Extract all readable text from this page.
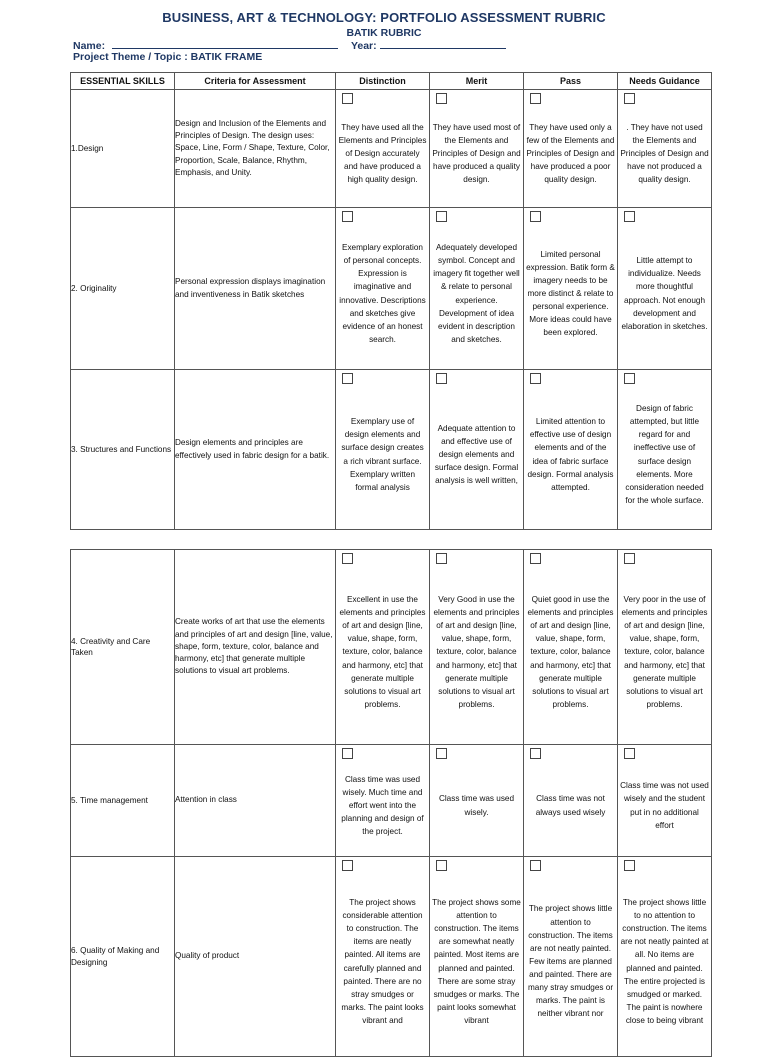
BUSINESS, ART & TECHNOLOGY: PORTFOLIO ASSESSMENT RUBRIC
BATIK RUBRIC
Name:	Year:
Project Theme / Topic : BATIK FRAME
ESSENTIAL SKILLS	Criteria for Assessment	Distinction	Merit	Pass	Needs Guidance
1.Design	Design and Inclusion of the Elements and Principles of Design. The design uses: Space, Line, Form / Shape, Texture, Color, Proportion, Scale, Balance, Rhythm, Emphasis, and Unity.	They have used all the Elements and Principles of Design accurately and have produced a high quality design.	They have used most of the Elements and Principles of Design and have produced a quality design.	They have used only a few of the Elements and Principles of Design and have produced a poor quality design.	. They have not used the Elements and Principles of Design and have not produced a quality design.

2. Originality	Personal expression displays imagination and inventiveness in Batik sketches	Exemplary exploration of personal concepts. Expression is imaginative and innovative. Descriptions and sketches give evidence of an honest search.	Adequately developed symbol. Concept and imagery fit together well & relate to personal experience. Development of idea evident in description and sketches.	Limited personal expression. Batik form & imagery needs to be more distinct & relate to personal experience. More ideas could have been explored.	Little attempt to individualize. Needs more thoughtful approach. Not enough development and elaboration in sketches.

3. Structures and Functions	Design elements and principles are effectively used in fabric design for a batik.	Exemplary use of design elements and surface design creates a rich vibrant surface. Exemplary written formal analysis	Adequate attention to and effective use of design elements and surface design. Formal analysis is well written,	Limited attention to effective use of design elements and of the idea of fabric surface design. Formal analysis attempted.	Design of fabric attempted, but little regard for and ineffective use of surface design elements. More consideration needed for the whole surface.
4. Creativity and Care Taken	Create works of art that use the elements and principles of art and design [line, value, shape, form, texture, color, balance and harmony, etc] that generate multiple solutions to visual art problems.	Excellent in use the elements and principles of art and design [line, value, shape, form, texture, color, balance and harmony, etc] that generate multiple solutions to visual art problems.	Very Good in use the elements and principles of art and design [line, value, shape, form, texture, color, balance and harmony, etc] that generate multiple solutions to visual art problems.	Quiet good in use the elements and principles of art and design [line, value, shape, form, texture, color, balance and harmony, etc] that generate multiple solutions to visual art problems.	Very poor in the use of elements and principles of art and design [line, value, shape, form, texture, color, balance and harmony, etc] that generate multiple solutions to visual art problems.

5. Time management	Attention in class	Class time was used wisely. Much time and effort went into the planning and design of the project.	Class time was used wisely.	Class time was not always used wisely	Class time was not used wisely and the student put in no additional effort

6. Quality of Making and Designing	Quality of product	The project shows considerable attention to construction. The items are neatly painted. All items are carefully planned and painted. There are no stray smudges or marks. The paint looks vibrant and	The project shows some attention to construction. The items are somewhat neatly painted. Most items are planned and painted. There are some stray smudges or marks. The paint looks somewhat vibrant	The project shows little attention to construction. The items are not neatly painted. Few items are planned and painted. There are many stray smudges or marks. The paint is neither vibrant nor	The project shows little to no attention to construction. The items are not neatly painted at all. No items are planned and painted. The entire projected is smudged or marked. The paint is nowhere close to being vibrant
